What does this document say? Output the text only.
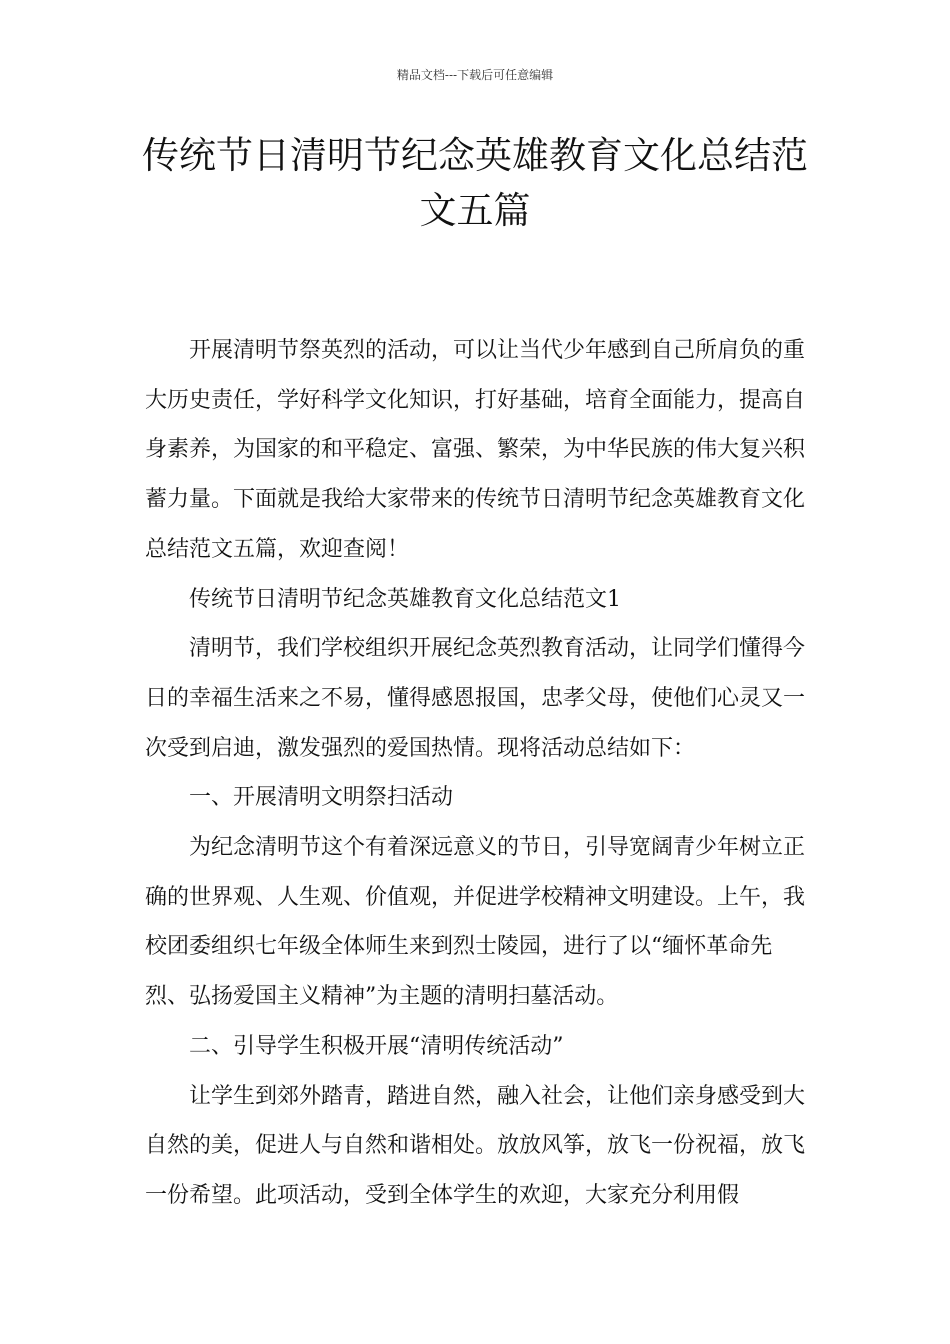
精品文档---下载后可任意编辑
传统节日清明节纪念英雄教育文化总结范文五篇

开展清明节祭英烈的活动，可以让当代少年感到自己所肩负的重大历史责任，学好科学文化知识，打好基础，培育全面能力，提高自身素养，为国家的和平稳定、富强、繁荣，为中华民族的伟大复兴积蓄力量。下面就是我给大家带来的传统节日清明节纪念英雄教育文化总结范文五篇，欢迎查阅！

传统节日清明节纪念英雄教育文化总结范文1

清明节，我们学校组织开展纪念英烈教育活动，让同学们懂得今日的幸福生活来之不易，懂得感恩报国，忠孝父母，使他们心灵又一次受到启迪，激发强烈的爱国热情。现将活动总结如下：

一、开展清明文明祭扫活动

为纪念清明节这个有着深远意义的节日，引导宽阔青少年树立正确的世界观、人生观、价值观，并促进学校精神文明建设。上午，我校团委组织七年级全体师生来到烈士陵园，进行了以“缅怀革命先烈、弘扬爱国主义精神”为主题的清明扫墓活动。

二、引导学生积极开展“清明传统活动”

让学生到郊外踏青，踏进自然，融入社会，让他们亲身感受到大自然的美，促进人与自然和谐相处。放放风筝，放飞一份祝福，放飞一份希望。此项活动，受到全体学生的欢迎，大家充分利用假
